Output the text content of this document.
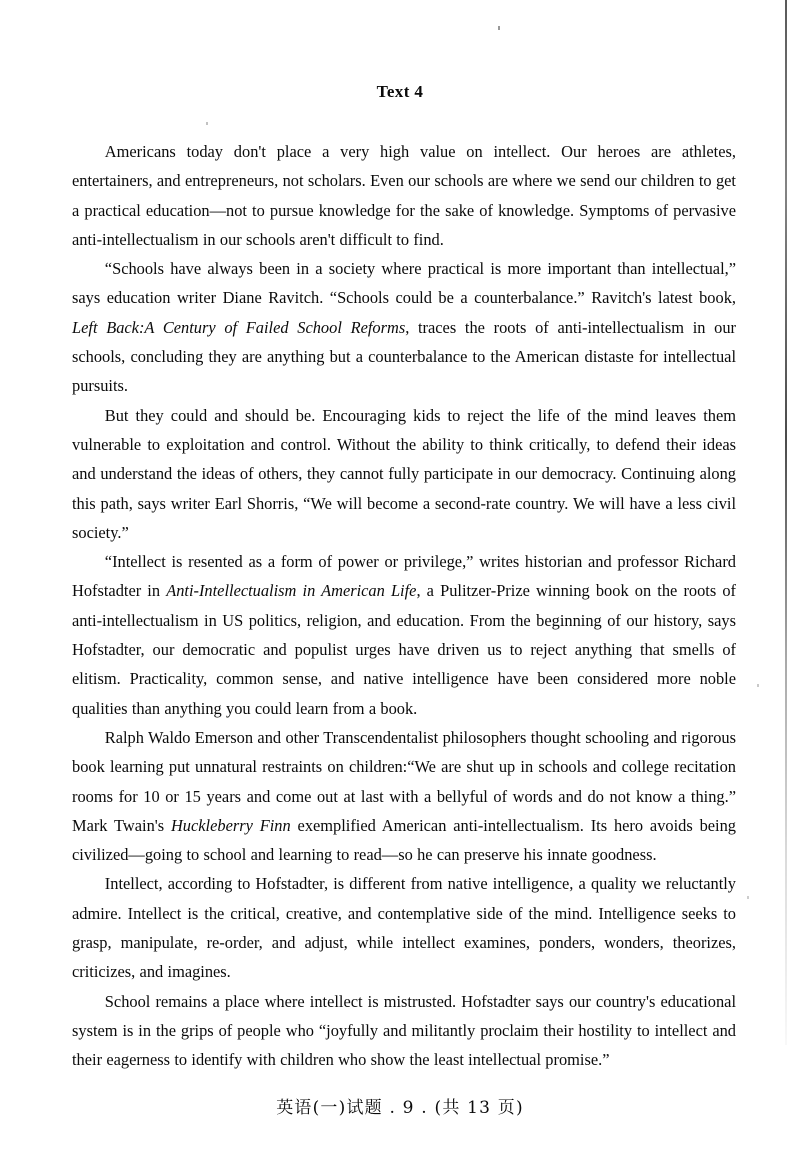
Text 4

Americans today don't place a very high value on intellect. Our heroes are athletes, entertainers, and entrepreneurs, not scholars. Even our schools are where we send our children to get a practical education—not to pursue knowledge for the sake of knowledge. Symptoms of pervasive anti-intellectualism in our schools aren't difficult to find.

“Schools have always been in a society where practical is more important than intellectual,” says education writer Diane Ravitch. “Schools could be a counterbalance.” Ravitch's latest book, Left Back:A Century of Failed School Reforms, traces the roots of anti-intellectualism in our schools, concluding they are anything but a counterbalance to the American distaste for intellectual pursuits.

But they could and should be. Encouraging kids to reject the life of the mind leaves them vulnerable to exploitation and control. Without the ability to think critically, to defend their ideas and understand the ideas of others, they cannot fully participate in our democracy. Continuing along this path, says writer Earl Shorris, “We will become a second-rate country. We will have a less civil society.”

“Intellect is resented as a form of power or privilege,” writes historian and professor Richard Hofstadter in Anti-Intellectualism in American Life, a Pulitzer-Prize winning book on the roots of anti-intellectualism in US politics, religion, and education. From the beginning of our history, says Hofstadter, our democratic and populist urges have driven us to reject anything that smells of elitism. Practicality, common sense, and native intelligence have been considered more noble qualities than anything you could learn from a book.

Ralph Waldo Emerson and other Transcendentalist philosophers thought schooling and rigorous book learning put unnatural restraints on children:“We are shut up in schools and college recitation rooms for 10 or 15 years and come out at last with a bellyful of words and do not know a thing.” Mark Twain's Huckleberry Finn exemplified American anti-intellectualism. Its hero avoids being civilized—going to school and learning to read—so he can preserve his innate goodness.

Intellect, according to Hofstadter, is different from native intelligence, a quality we reluctantly admire. Intellect is the critical, creative, and contemplative side of the mind. Intelligence seeks to grasp, manipulate, re-order, and adjust, while intellect examines, ponders, wonders, theorizes, criticizes, and imagines.

School remains a place where intellect is mistrusted. Hofstadter says our country's educational system is in the grips of people who “joyfully and militantly proclaim their hostility to intellect and their eagerness to identify with children who show the least intellectual promise.”

英语(一)试题 . 9 . (共 13 页)
